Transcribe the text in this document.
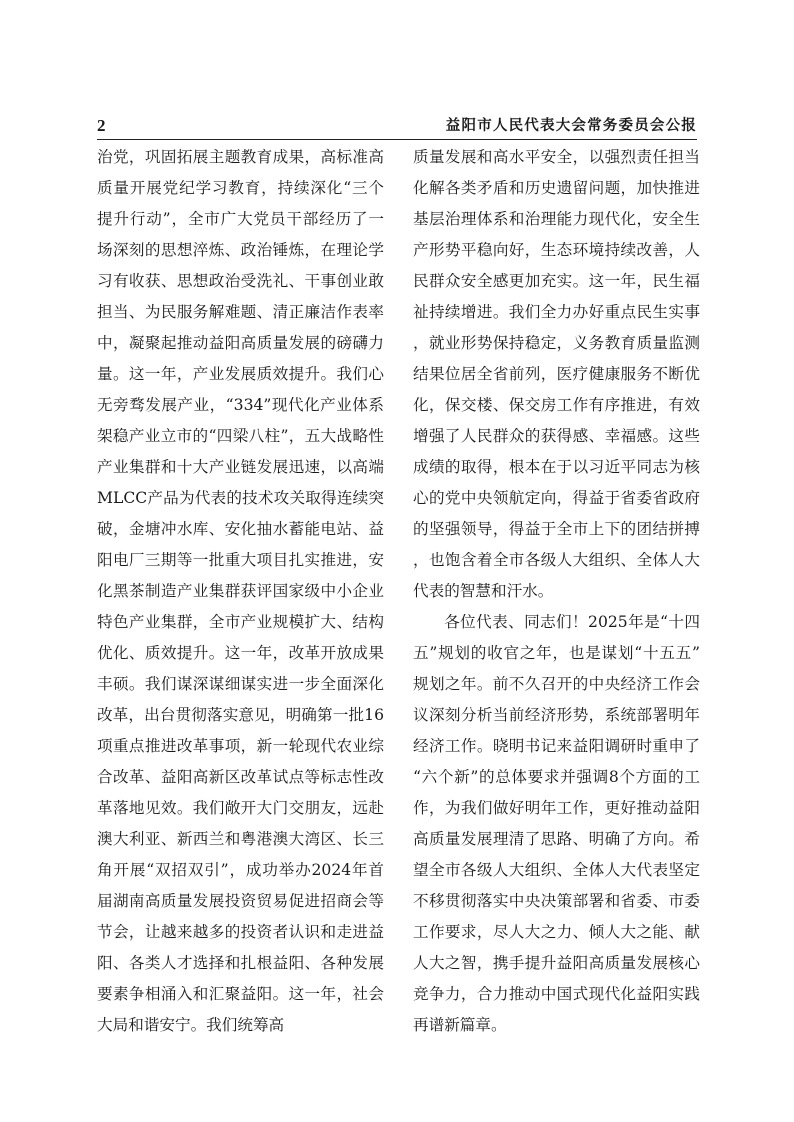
2	益阳市人民代表大会常务委员会公报

治党，巩固拓展主题教育成果，高标准高质量开展党纪学习教育，持续深化“三个提升行动”，全市广大党员干部经历了一场深刻的思想淬炼、政治锤炼，在理论学习有收获、思想政治受洗礼、干事创业敢担当、为民服务解难题、清正廉洁作表率中，凝聚起推动益阳高质量发展的磅礴力量。这一年，产业发展质效提升。我们心无旁骛发展产业，“334”现代化产业体系架稳产业立市的“四梁八柱”，五大战略性产业集群和十大产业链发展迅速，以高端MLCC产品为代表的技术攻关取得连续突破，金塘冲水库、安化抽水蓄能电站、益阳电厂三期等一批重大项目扎实推进，安化黑茶制造产业集群获评国家级中小企业特色产业集群，全市产业规模扩大、结构优化、质效提升。这一年，改革开放成果丰硕。我们谋深谋细谋实进一步全面深化改革，出台贯彻落实意见，明确第一批16项重点推进改革事项，新一轮现代农业综合改革、益阳高新区改革试点等标志性改革落地见效。我们敞开大门交朋友，远赴澳大利亚、新西兰和粤港澳大湾区、长三角开展“双招双引”，成功举办2024年首届湖南高质量发展投资贸易促进招商会等节会，让越来越多的投资者认识和走进益阳、各类人才选择和扎根益阳、各种发展要素争相涌入和汇聚益阳。这一年，社会大局和谐安宁。我们统筹高

质量发展和高水平安全，以强烈责任担当化解各类矛盾和历史遗留问题，加快推进基层治理体系和治理能力现代化，安全生产形势平稳向好，生态环境持续改善，人民群众安全感更加充实。这一年，民生福祉持续增进。我们全力办好重点民生实事，就业形势保持稳定，义务教育质量监测结果位居全省前列，医疗健康服务不断优化，保交楼、保交房工作有序推进，有效增强了人民群众的获得感、幸福感。这些成绩的取得，根本在于以习近平同志为核心的党中央领航定向，得益于省委省政府的坚强领导，得益于全市上下的团结拼搏，也饱含着全市各级人大组织、全体人大代表的智慧和汗水。

各位代表、同志们！2025年是“十四五”规划的收官之年，也是谋划“十五五”规划之年。前不久召开的中央经济工作会议深刻分析当前经济形势，系统部署明年经济工作。晓明书记来益阳调研时重申了“六个新”的总体要求并强调8个方面的工作，为我们做好明年工作，更好推动益阳高质量发展理清了思路、明确了方向。希望全市各级人大组织、全体人大代表坚定不移贯彻落实中央决策部署和省委、市委工作要求，尽人大之力、倾人大之能、献人大之智，携手提升益阳高质量发展核心竞争力，合力推动中国式现代化益阳实践再谱新篇章。
